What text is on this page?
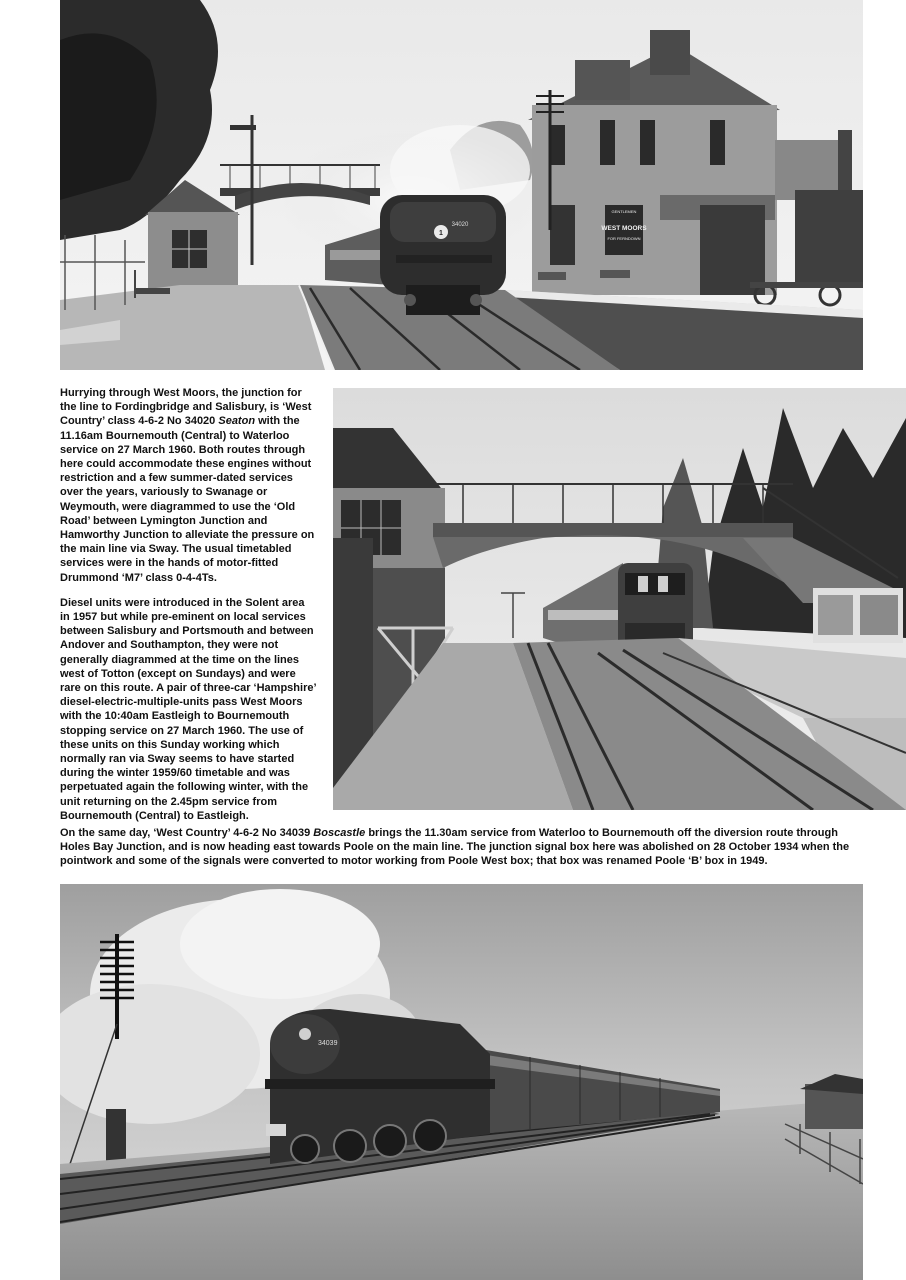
GENTLEMEN
WEST MOORS
FOR FERNDOWN
1
34020

Hurrying through West Moors, the junction for the line to Fordingbridge and Salisbury, is ‘West Country’ class 4-6-2 No 34020 Seaton with the 11.16am Bournemouth (Central) to Waterloo service on 27 March 1960. Both routes through here could accommodate these engines without restriction and a few summer-dated services over the years, variously to Swanage or Weymouth, were diagrammed to use the ‘Old Road’ between Lymington Junction and Hamworthy Junction to alleviate the pressure on the main line via Sway. The usual timetabled services were in the hands of motor-fitted Drummond ‘M7’ class 0-4-4Ts.

Diesel units were introduced in the Solent area in 1957 but while pre-eminent on local services between Salisbury and Portsmouth and between Andover and Southampton, they were not generally diagrammed at the time on the lines west of Totton (except on Sundays) and were rare on this route. A pair of three-car ‘Hampshire’ diesel-electric-multiple-units pass West Moors with the 10:40am Eastleigh to Bournemouth stopping service on 27 March 1960. The use of these units on this Sunday working which normally ran via Sway seems to have started during the winter 1959/60 timetable and was perpetuated again the following winter, with the unit returning on the 2.45pm service from Bournemouth (Central) to Eastleigh.

On the same day, ‘West Country’ 4-6-2 No 34039 Boscastle brings the 11.30am service from Waterloo to Bournemouth off the diversion route through Holes Bay Junction, and is now heading east towards Poole on the main line. The junction signal box here was abolished on 28 October 1934 when the pointwork and some of the signals were converted to motor working from Poole West box; that box was renamed Poole ‘B’ box in 1949.

34039
